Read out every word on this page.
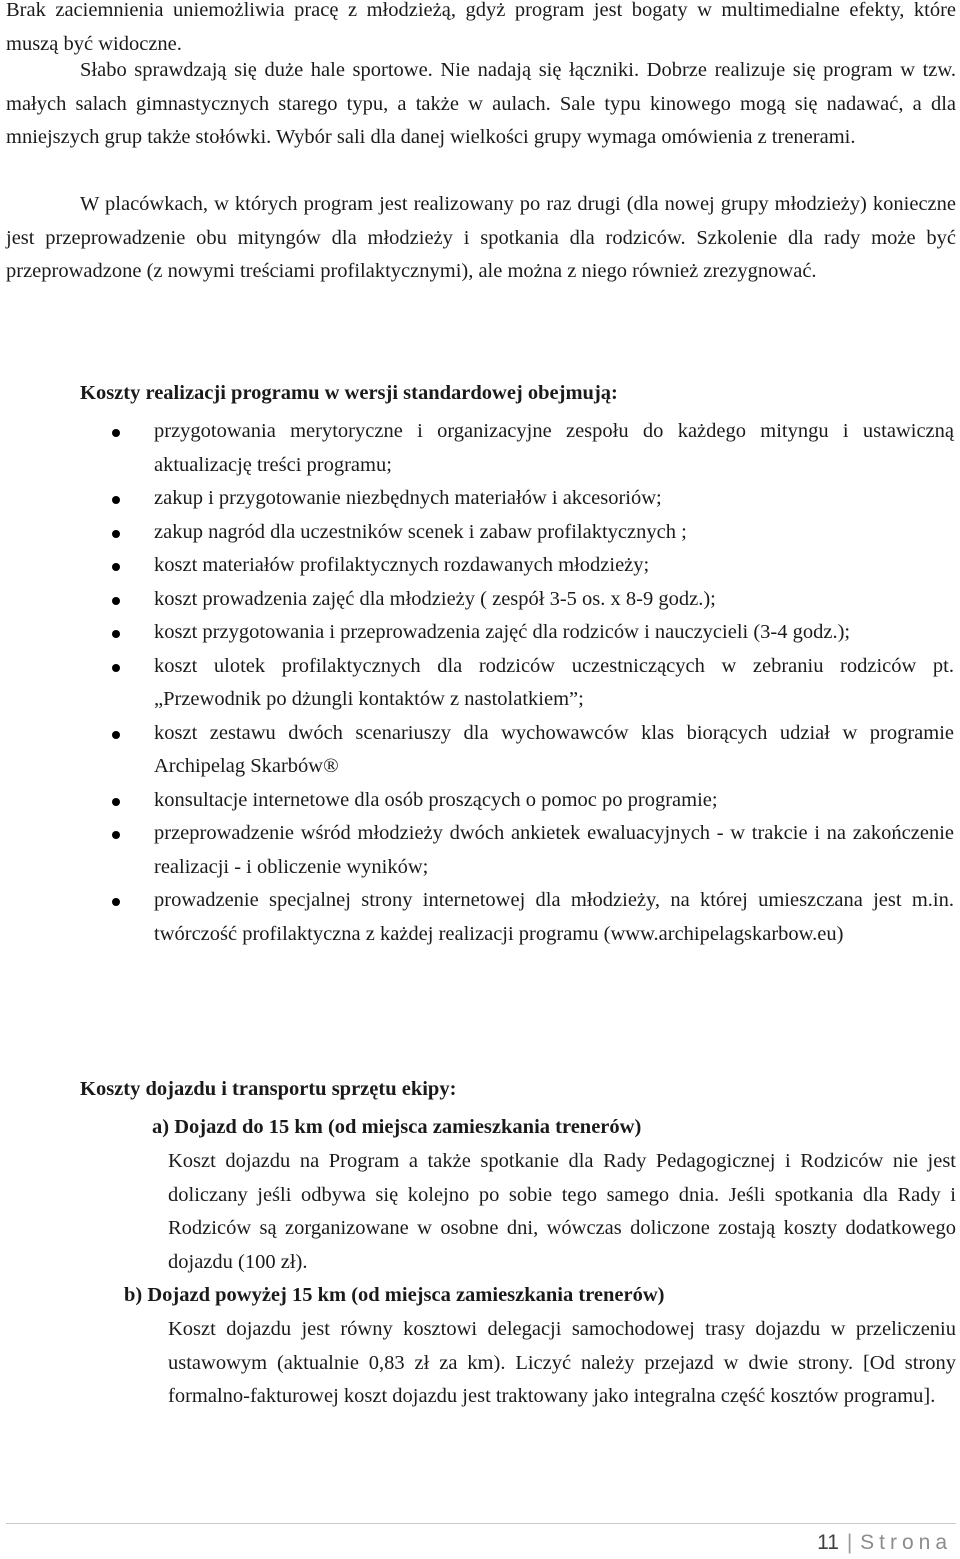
Brak zaciemnienia uniemożliwia pracę z młodzieżą, gdyż program jest bogaty w multimedialne efekty, które muszą być widoczne.

Słabo sprawdzają się duże hale sportowe. Nie nadają się łączniki. Dobrze realizuje się program w tzw. małych salach gimnastycznych starego typu, a także w aulach. Sale typu kinowego mogą się nadawać, a dla mniejszych grup także stołówki. Wybór sali dla danej wielkości grupy wymaga omówienia z trenerami.

W placówkach, w których program jest realizowany po raz drugi (dla nowej grupy młodzieży) konieczne jest przeprowadzenie obu mityngów dla młodzieży i spotkania dla rodziców. Szkolenie dla rady może być przeprowadzone (z nowymi treściami profilaktycznymi), ale można z niego również zrezygnować.

Koszty realizacji programu w wersji standardowej obejmują:
przygotowania merytoryczne i organizacyjne zespołu do każdego mityngu i ustawiczną aktualizację treści programu;
zakup i przygotowanie niezbędnych materiałów i akcesoriów;
zakup nagród dla uczestników scenek i zabaw profilaktycznych ;
koszt materiałów profilaktycznych rozdawanych młodzieży;
koszt prowadzenia zajęć dla młodzieży ( zespół 3-5 os. x 8-9 godz.);
koszt przygotowania i przeprowadzenia zajęć dla rodziców i nauczycieli (3-4 godz.);
koszt ulotek profilaktycznych dla rodziców uczestniczących w zebraniu rodziców pt. „Przewodnik po dżungli kontaktów z nastolatkiem”;
koszt zestawu dwóch scenariuszy dla wychowawców klas biorących udział w programie Archipelag Skarbów®
konsultacje internetowe dla osób proszących o pomoc po programie;
przeprowadzenie wśród młodzieży dwóch ankietek ewaluacyjnych - w trakcie i na zakończenie realizacji - i obliczenie wyników;
prowadzenie specjalnej strony internetowej dla młodzieży, na której umieszczana jest m.in. twórczość profilaktyczna z każdej realizacji programu (www.archipelagskarbow.eu)
Koszty dojazdu i transportu sprzętu ekipy:
a) Dojazd do 15 km (od miejsca zamieszkania trenerów)

Koszt dojazdu na Program a także spotkanie dla Rady Pedagogicznej i Rodziców nie jest doliczany jeśli odbywa się kolejno po sobie tego samego dnia. Jeśli spotkania dla Rady i Rodziców są zorganizowane w osobne dni, wówczas doliczone zostają koszty dodatkowego dojazdu (100 zł).

b) Dojazd powyżej 15 km (od miejsca zamieszkania trenerów)

Koszt dojazdu jest równy kosztowi delegacji samochodowej trasy dojazdu w przeliczeniu ustawowym (aktualnie 0,83 zł za km). Liczyć należy przejazd w dwie strony. [Od strony formalno-fakturowej koszt dojazdu jest traktowany jako integralna część kosztów programu].

11 | Strona
